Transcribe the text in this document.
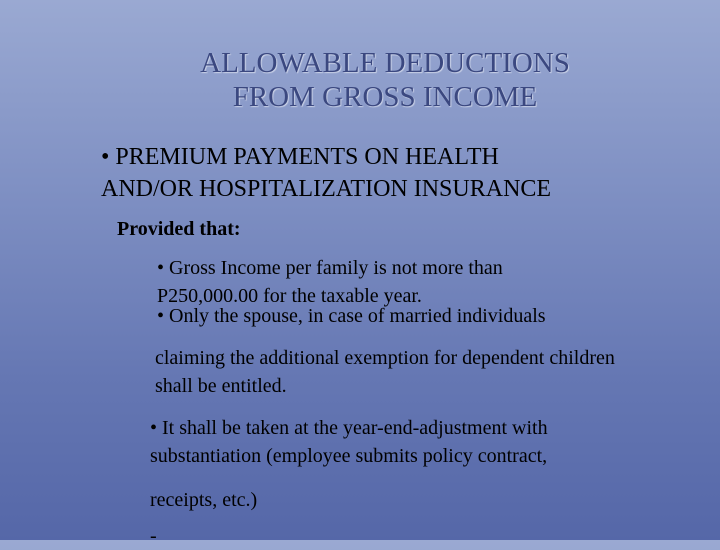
ALLOWABLE DEDUCTIONS
FROM GROSS INCOME
• PREMIUM PAYMENTS ON HEALTH
AND/OR HOSPITALIZATION INSURANCE
Provided that:
• Gross Income per family is not more than
P250,000.00 for the taxable year.
• Only the spouse, in case of married individuals
claiming the additional exemption for dependent children
shall be entitled.
• It shall be taken at the year-end-adjustment with
substantiation (employee submits policy contract,
receipts, etc.)
-
